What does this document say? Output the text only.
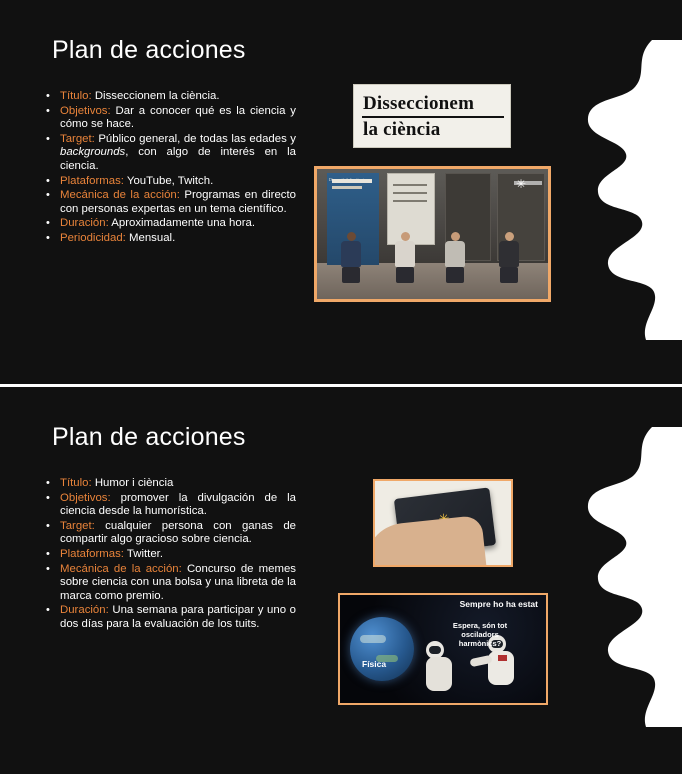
Plan de acciones
• Título: Disseccionem la ciència.
• Objetivos: Dar a conocer qué es la ciencia y cómo se hace.
• Target: Público general, de todas las edades y backgrounds, con algo de interés en la ciencia.
• Plataformas: YouTube, Twitch.
• Mecánica de la acción: Programas en directo con personas expertas en un tema científico.
• Duración: Aproximadamente una hora.
• Periodicidad: Mensual.
Disseccionem
la ciència
Dissecció de la ciència	✳
Plan de acciones
• Título: Humor i ciència
• Objetivos: promover la divulgación de la ciencia desde la humorística.
• Target: cualquier persona con ganas de compartir algo gracioso sobre ciencia.
• Plataformas: Twitter.
• Mecánica de la acción: Concurso de memes sobre ciencia con una bolsa y una libreta de la marca como premio.
• Duración: Una semana para participar y uno o dos días para la evaluación de los tuits.
Física
Sempre ho ha estat
Espera, són tot osciladors harmònics?
